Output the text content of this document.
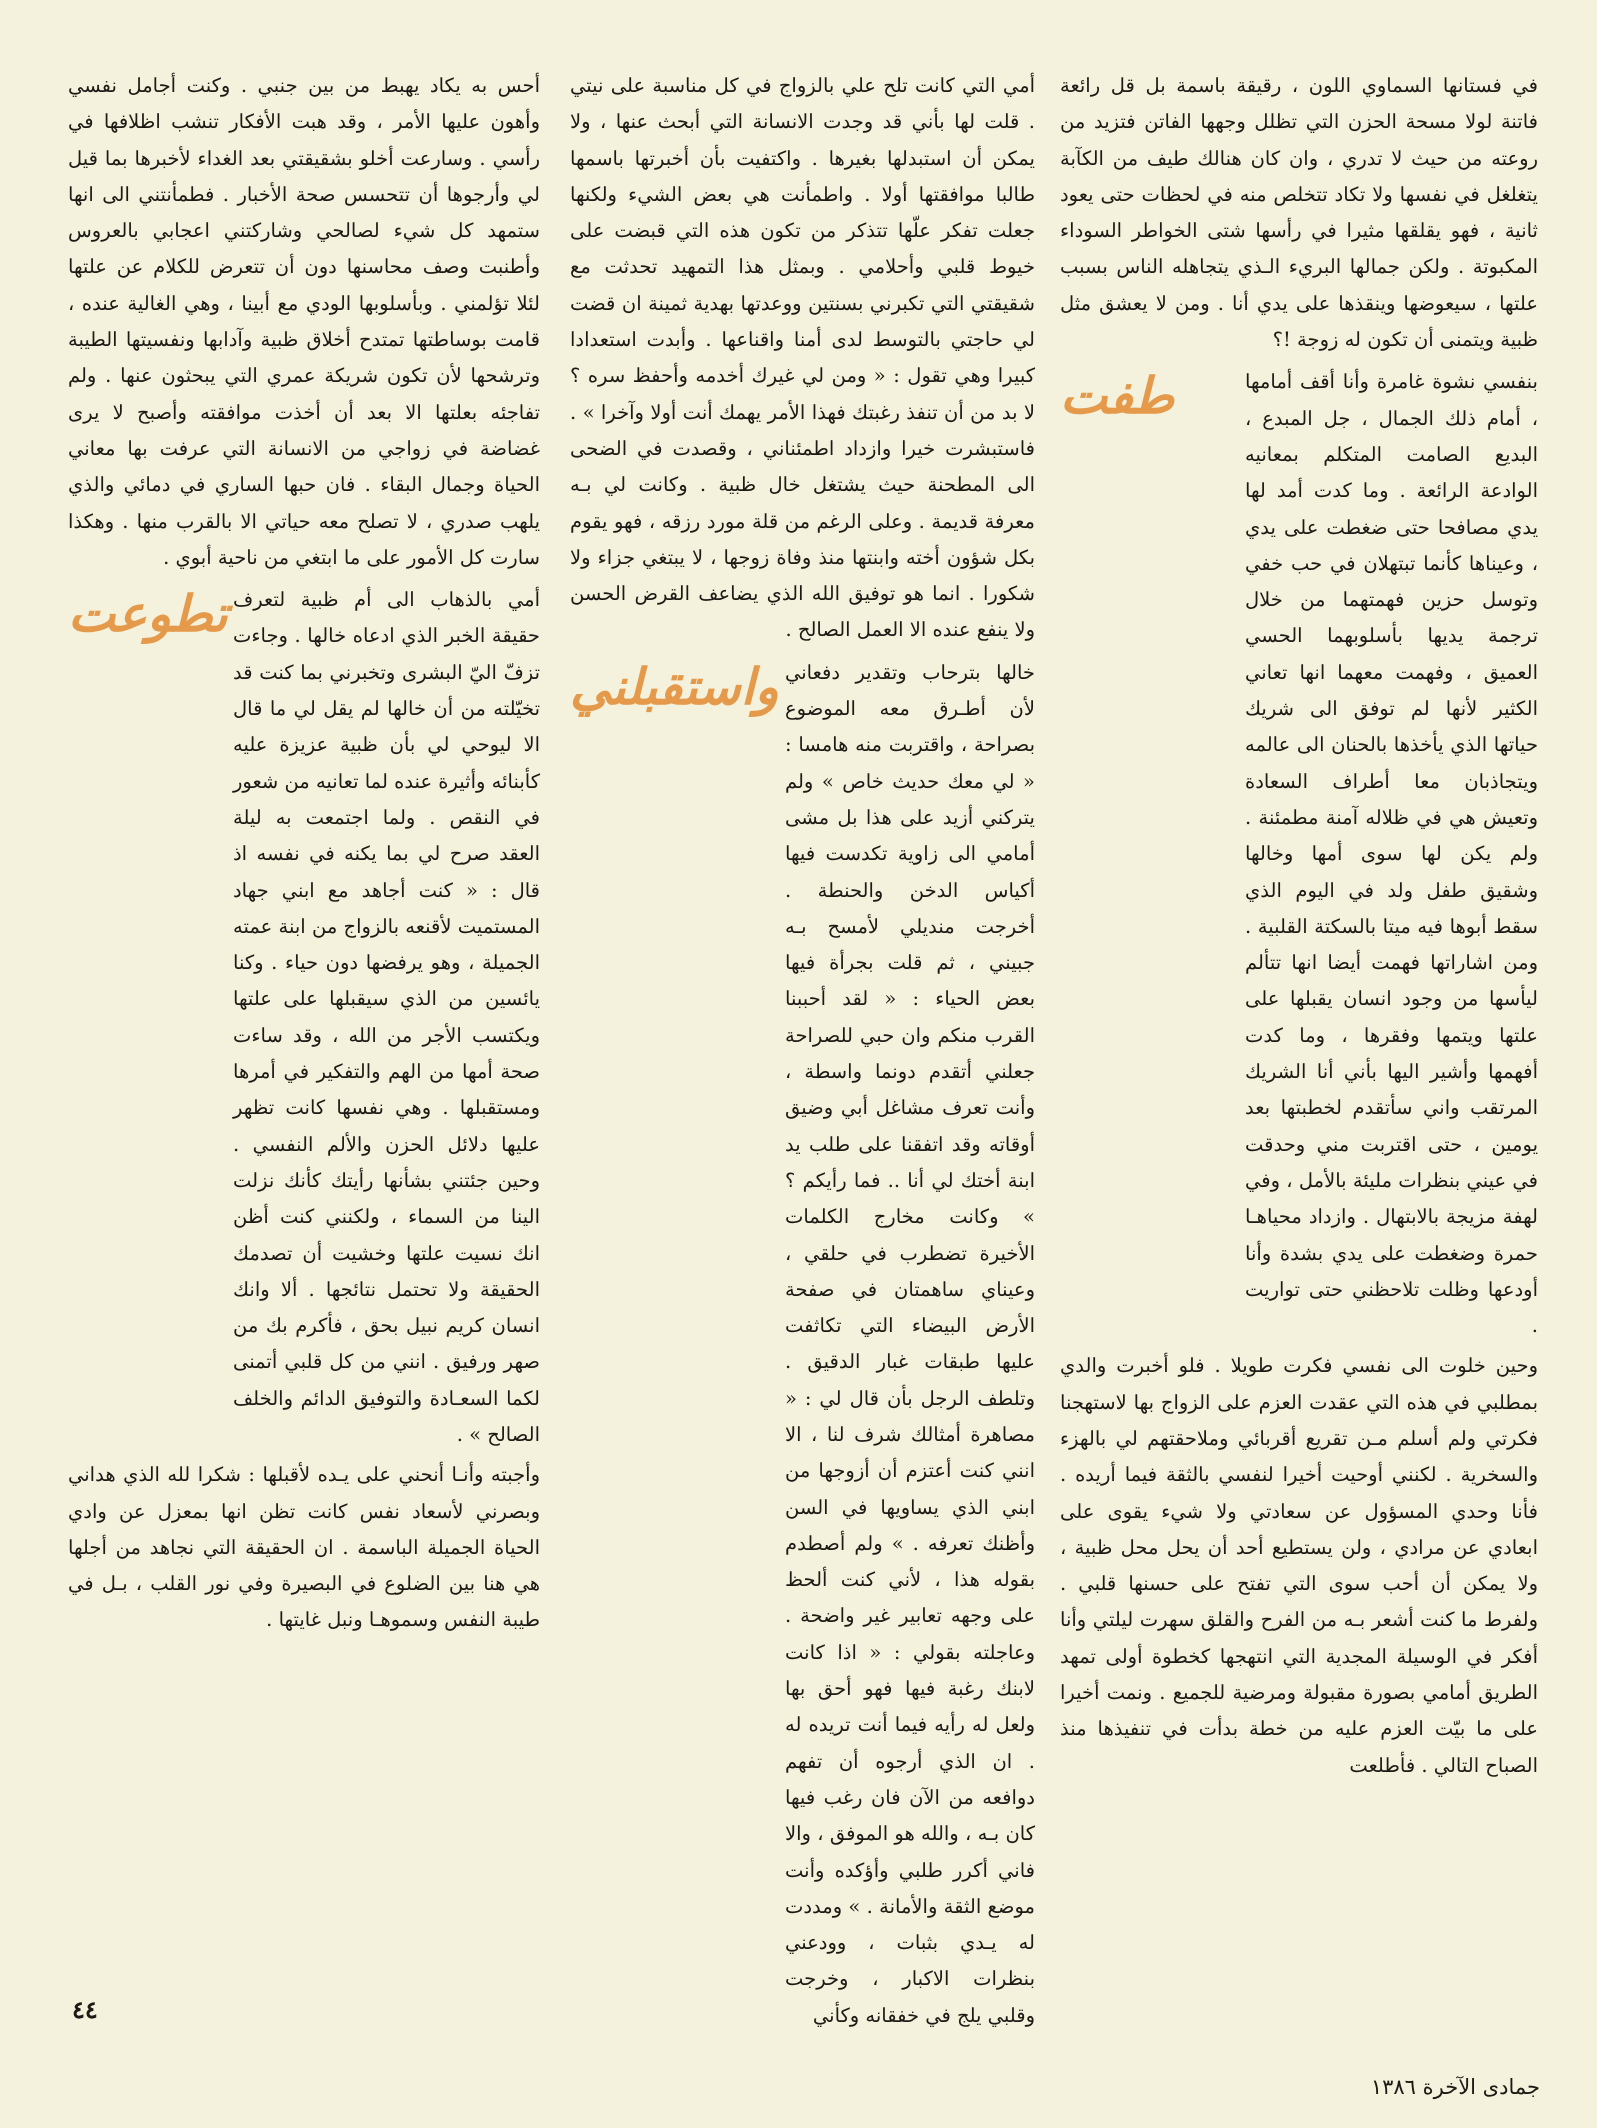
في فستانها السماوي اللون ، رقيقة باسمة بل قل رائعة فاتنة لولا مسحة الحزن التي تظلل وجهها الفاتن فتزيد من روعته من حيث لا تدري ، وان كان هنالك طيف من الكآبة يتغلغل في نفسها ولا تكاد تتخلص منه في لحظات حتى يعود ثانية ، فهو يقلقها مثيرا في رأسها شتى الخواطر السوداء المكبوتة . ولكن جمالها البريء الـذي يتجاهله الناس بسبب علتها ، سيعوضها وينقذها على يدي أنا . ومن لا يعشق مثل ظبية ويتمنى أن تكون له زوجة !؟

طفت	بنفسي نشوة غامرة وأنا أقف أمامها ، أمام ذلك الجمال ، جل المبدع ، البديع الصامت المتكلم بمعانيه الوادعة الرائعة . وما كدت أمد لها يدي مصافحا حتى ضغطت على يدي ، وعيناها كأنما تبتهلان في حب خفي وتوسل حزين فهمتهما من خلال ترجمة يديها بأسلوبهما الحسي العميق ، وفهمت معهما انها تعاني الكثير لأنها لم توفق الى شريك حياتها الذي يأخذها بالحنان الى عالمه ويتجاذبان معا أطراف السعادة وتعيش هي في ظلاله آمنة مطمئنة . ولم يكن لها سوى أمها وخالها وشقيق طفل ولد في اليوم الذي سقط أبوها فيه ميتا بالسكتة القلبية . ومن اشاراتها فهمت أيضا انها تتألم ليأسها من وجود انسان يقبلها على علتها ويتمها وفقرها ، وما كدت أفهمها وأشير اليها بأني أنا الشريك المرتقب واني سأتقدم لخطبتها بعد يومين ، حتى اقتربت مني وحدقت في عيني بنظرات مليئة بالأمل ، وفي لهفة مزيجة بالابتهال . وازداد محياهـا حمرة وضغطت على يدي بشدة وأنا أودعها وظلت تلاحظني حتى تواريت .

وحين خلوت الى نفسي فكرت طويلا . فلو أخبرت والدي بمطلبي في هذه التي عقدت العزم على الزواج بها لاستهجنا فكرتي ولم أسلم مـن تقريع أقربائي وملاحقتهم لي بالهزء والسخرية . لكنني أوحيت أخيرا لنفسي بالثقة فيما أريده . فأنا وحدي المسؤول عن سعادتي ولا شيء يقوى على ابعادي عن مرادي ، ولن يستطيع أحد أن يحل محل ظبية ، ولا يمكن أن أحب سوى التي تفتح على حسنها قلبي . ولفرط ما كنت أشعر بـه من الفرح والقلق سهرت ليلتي وأنا أفكر في الوسيلة المجدية التي انتهجها كخطوة أولى تمهد الطريق أمامي بصورة مقبولة ومرضية للجميع . ونمت أخيرا على ما بيّت العزم عليه من خطة بدأت في تنفيذها منذ الصباح التالي . فأطلعت

أمي التي كانت تلح علي بالزواج في كل مناسبة على نيتي . قلت لها بأني قد وجدت الانسانة التي أبحث عنها ، ولا يمكن أن استبدلها بغيرها . واكتفيت بأن أخبرتها باسمها طالبا موافقتها أولا . واطمأنت هي بعض الشيء ولكنها جعلت تفكر علّها تتذكر من تكون هذه التي قبضت على خيوط قلبي وأحلامي . وبمثل هذا التمهيد تحدثت مع شقيقتي التي تكبرني بسنتين ووعدتها بهدية ثمينة ان قضت لي حاجتي بالتوسط لدى أمنا واقناعها . وأبدت استعدادا كبيرا وهي تقول : « ومن لي غيرك أخدمه وأحفظ سره ؟ لا بد من أن تنفذ رغبتك فهذا الأمر يهمك أنت أولا وآخرا » . فاستبشرت خيرا وازداد اطمئناني ، وقصدت في الضحى الى المطحنة حيث يشتغل خال ظبية . وكانت لي بـه معرفة قديمة . وعلى الرغم من قلة مورد رزقه ، فهو يقوم بكل شؤون أخته وابنتها منذ وفاة زوجها ، لا يبتغي جزاء ولا شكورا . انما هو توفيق الله الذي يضاعف القرض الحسن ولا ينفع عنده الا العمل الصالح .

واستقبلني خالها بترحاب وتقدير دفعاني لأن أطـرق معه الموضوع بصراحة ، واقتربت منه هامسا : « لي معك حديث خاص » ولم يتركني أزيد على هذا بل مشى أمامي الى زاوية تكدست فيها أكياس الدخن والحنطة . أخرجت منديلي لأمسح بـه جبيني ، ثم قلت بجرأة فيها بعض الحياء : « لقد أحببنا القرب منكم وان حبي للصراحة جعلني أتقدم دونما واسطة ، وأنت تعرف مشاغل أبي وضيق أوقاته وقد اتفقنا على طلب يد ابنة أختك لي أنا .. فما رأيكم ؟ » وكانت مخارج الكلمات الأخيرة تضطرب في حلقي ، وعيناي ساهمتان في صفحة الأرض البيضاء التي تكاثفت عليها طبقات غبار الدقيق . وتلطف الرجل بأن قال لي : « مصاهرة أمثالك شرف لنا ، الا انني كنت أعتزم أن أزوجها من ابني الذي يساويها في السن وأظنك تعرفه . » ولم أصطدم بقوله هذا ، لأني كنت ألحظ على وجهه تعابير غير واضحة . وعاجلته بقولي : « اذا كانت لابنك رغبة فيها فهو أحق بها ولعل له رأيه فيما أنت تريده له . ان الذي أرجوه أن تفهم دوافعه من الآن فان رغب فيها كان بـه ، والله هو الموفق ، والا فاني أكرر طلبي وأؤكده وأنت موضع الثقة والأمانة . » ومددت له يـدي بثبات ، وودعني بنظرات الاكبار ، وخرجت وقلبي يلج في خفقانه وكأني

أحس به يكاد يهبط من بين جنبي . وكنت أجامل نفسي وأهون عليها الأمر ، وقد هبت الأفكار تنشب اظلافها في رأسي . وسارعت أخلو بشقيقتي بعد الغداء لأخبرها بما قيل لي وأرجوها أن تتحسس صحة الأخبار . فطمأنتني الى انها ستمهد كل شيء لصالحي وشاركتني اعجابي بالعروس وأطنبت وصف محاسنها دون أن تتعرض للكلام عن علتها لئلا تؤلمني . وبأسلوبها الودي مع أبينا ، وهي الغالية عنده ، قامت بوساطتها تمتدح أخلاق ظبية وآدابها ونفسيتها الطيبة وترشحها لأن تكون شريكة عمري التي يبحثون عنها . ولم تفاجئه بعلتها الا بعد أن أخذت موافقته وأصبح لا يرى غضاضة في زواجي من الانسانة التي عرفت بها معاني الحياة وجمال البقاء . فان حبها الساري في دمائي والذي يلهب صدري ، لا تصلح معه حياتي الا بالقرب منها . وهكذا سارت كل الأمور على ما ابتغي من ناحية أبوي .

تطوعت أمي بالذهاب الى أم ظبية لتعرف حقيقة الخبر الذي ادعاه خالها . وجاءت تزفّ اليّ البشرى وتخبرني بما كنت قد تخيّلته من أن خالها لم يقل لي ما قال الا ليوحي لي بأن ظبية عزيزة عليه كأبنائه وأثيرة عنده لما تعانيه من شعور في النقص . ولما اجتمعت به ليلة العقد صرح لي بما يكنه في نفسه اذ قال : « كنت أجاهد مع ابني جهاد المستميت لأقنعه بالزواج من ابنة عمته الجميلة ، وهو يرفضها دون حياء . وكنا يائسين من الذي سيقبلها على علتها ويكتسب الأجر من الله ، وقد ساءت صحة أمها من الهم والتفكير في أمرها ومستقبلها . وهي نفسها كانت تظهر عليها دلائل الحزن والألم النفسي . وحين جئتني بشأنها رأيتك كأنك نزلت الينا من السماء ، ولكنني كنت أظن انك نسيت علتها وخشيت أن تصدمك الحقيقة ولا تحتمل نتائجها . ألا وانك انسان كريم نبيل بحق ، فأكرم بك من صهر ورفيق . انني من كل قلبي أتمنى لكما السعـادة والتوفيق الدائم والخلف الصالح » .

وأجبته وأنـا أنحني على يـده لأقبلها : شكرا لله الذي هداني وبصرني لأسعاد نفس كانت تظن انها بمعزل عن وادي الحياة الجميلة الباسمة . ان الحقيقة التي نجاهد من أجلها هي هنا بين الضلوع في البصيرة وفي نور القلب ، بـل في طيبة النفس وسموهـا ونبل غايتها .

٤٤
جمادى الآخرة ١٣٨٦
